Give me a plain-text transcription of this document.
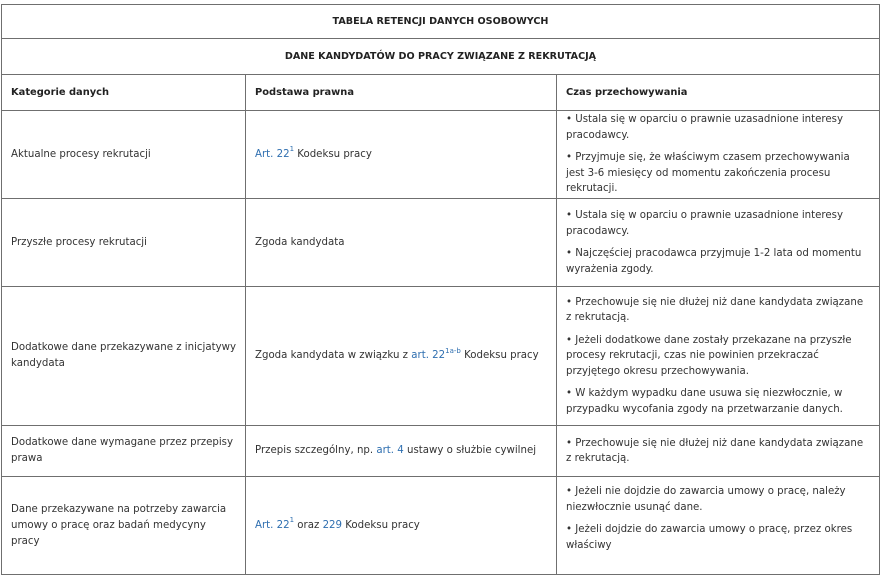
TABELA RETENCJI DANYCH OSOBOWYCH		
DANE KANDYDATÓW DO PRACY ZWIĄZANE Z REKRUTACJĄ		
Kategorie danych	Podstawa prawna	Czas przechowywania
Aktualne procesy rekrutacji	Art. $22^1$ Kodeksu pracy	• Ustala się w oparciu o prawnie uzasadnione interesy pracodawcy.

• Przyjmuje się, że właściwym czasem przechowywania jest 3-6 miesięcy od momentu zakończenia procesu rekrutacji.

Przyszłe procesy rekrutacji	Zgoda kandydata	• Ustala się w oparciu o prawnie uzasadnione interesy pracodawcy.

• Najczęściej pracodawca przyjmuje 1-2 lata od momentu wyrażenia zgody.

Dodatkowe dane przekazywane z inicjatywy kandydata	Zgoda kandydata w związku z art. $22^{1a-b}$ Kodeksu pracy	• Przechowuje się nie dłużej niż dane kandydata związane z rekrutacją.

• Jeżeli dodatkowe dane zostały przekazane na przyszłe procesy rekrutacji, czas nie powinien przekraczać przyjętego okresu przechowywania.

• W każdym wypadku dane usuwa się niezwłocznie, w przypadku wycofania zgody na przetwarzanie danych.

Dodatkowe dane wymagane przez przepisy prawa	Przepis szczególny, np. art. 4 ustawy o służbie cywilnej	• Przechowuje się nie dłużej niż dane kandydata związane z rekrutacją.

Dane przekazywane na potrzeby zawarcia umowy o pracę oraz badań medycyny pracy	Art. $22^1$ oraz 229 Kodeksu pracy	• Jeżeli nie dojdzie do zawarcia umowy o pracę, należy niezwłocznie usunąć dane.

• Jeżeli dojdzie do zawarcia umowy o pracę, przez okres właściwy
